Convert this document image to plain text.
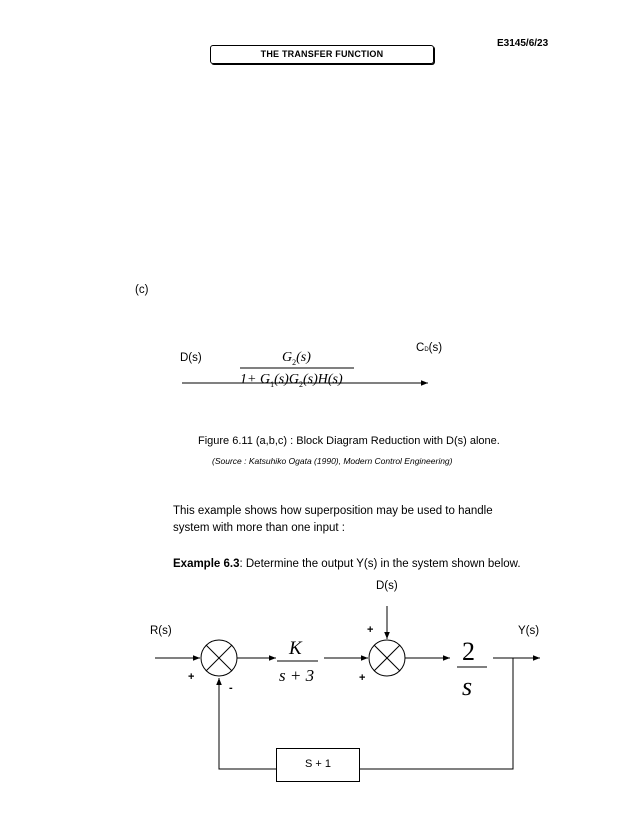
E3145/6/23
THE TRANSFER FUNCTION
(c)
D(s)
CD(s)
$G_2(s)$
$1+ G_1(s)G_2(s)H(s)$
Figure 6.11 (a,b,c) : Block Diagram Reduction with D(s) alone.
(Source : Katsuhiko Ogata (1990), Modern Control Engineering)
This example shows how superposition may be used to handle
system with more than one input :
Example 6.3: Determine the output Y(s) in the system shown below.
D(s)
R(s)	Y(s)
+
-
+
+
K
s + 3
2
s
S + 1
